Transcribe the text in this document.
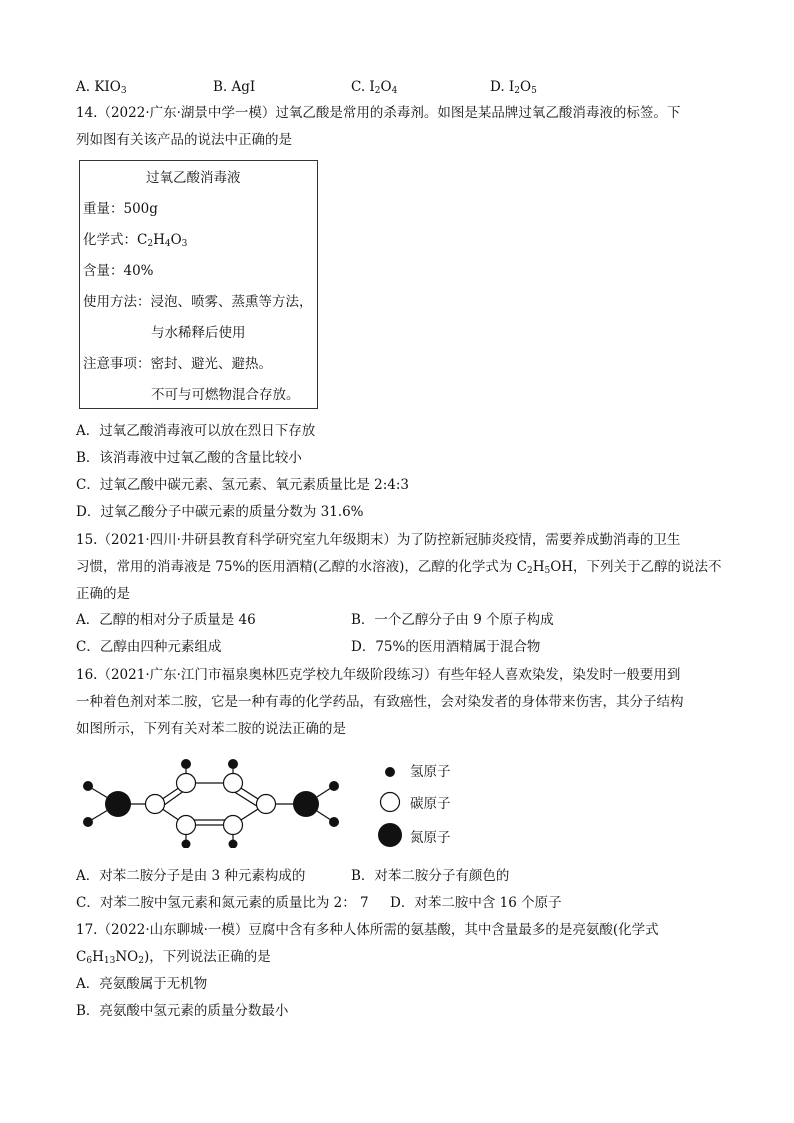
A. $KIO_3$	B. AgI	C. $I_2O_4$	D. $I_2O_5$
14.（2022·广东·湖景中学一模）过氧乙酸是常用的杀毒剂。如图是某品牌过氧乙酸消毒液的标签。下
列如图有关该产品的说法中正确的是
过氧乙酸消毒液
重量：500g
化学式：$C_2H_4O_3$
含量：40%
使用方法：浸泡、喷雾、蒸熏等方法，
与水稀释后使用
注意事项：密封、避光、避热。
不可与可燃物混合存放。
A．过氧乙酸消毒液可以放在烈日下存放
B．该消毒液中过氧乙酸的含量比较小
C．过氧乙酸中碳元素、氢元素、氧元素质量比是 2:4:3
D．过氧乙酸分子中碳元素的质量分数为 31.6%
15.（2021·四川·井研县教育科学研究室九年级期末）为了防控新冠肺炎疫情，需要养成勤消毒的卫生
习惯，常用的消毒液是 75%的医用酒精(乙醇的水溶液)，乙醇的化学式为 $C_2H_5OH$，下列关于乙醇的说法不
正确的是
A．乙醇的相对分子质量是 46	B．一个乙醇分子由 9 个原子构成
C．乙醇由四种元素组成	D．75%的医用酒精属于混合物
16.（2021·广东·江门市福泉奥林匹克学校九年级阶段练习）有些年轻人喜欢染发，染发时一般要用到
一种着色剂对苯二胺，它是一种有毒的化学药品，有致癌性，会对染发者的身体带来伤害，其分子结构
如图所示，下列有关对苯二胺的说法正确的是
氢原子
碳原子
氮原子
A．对苯二胺分子是由 3 种元素构成的	B．对苯二胺分子有颜色的
C．对苯二胺中氢元素和氮元素的质量比为 2： 7 D．对苯二胺中含 16 个原子
17.（2022·山东聊城·一模）豆腐中含有多种人体所需的氨基酸，其中含量最多的是亮氨酸(化学式
$C_6H_{13}NO_2$)，下列说法正确的是
A．亮氨酸属于无机物
B．亮氨酸中氢元素的质量分数最小
